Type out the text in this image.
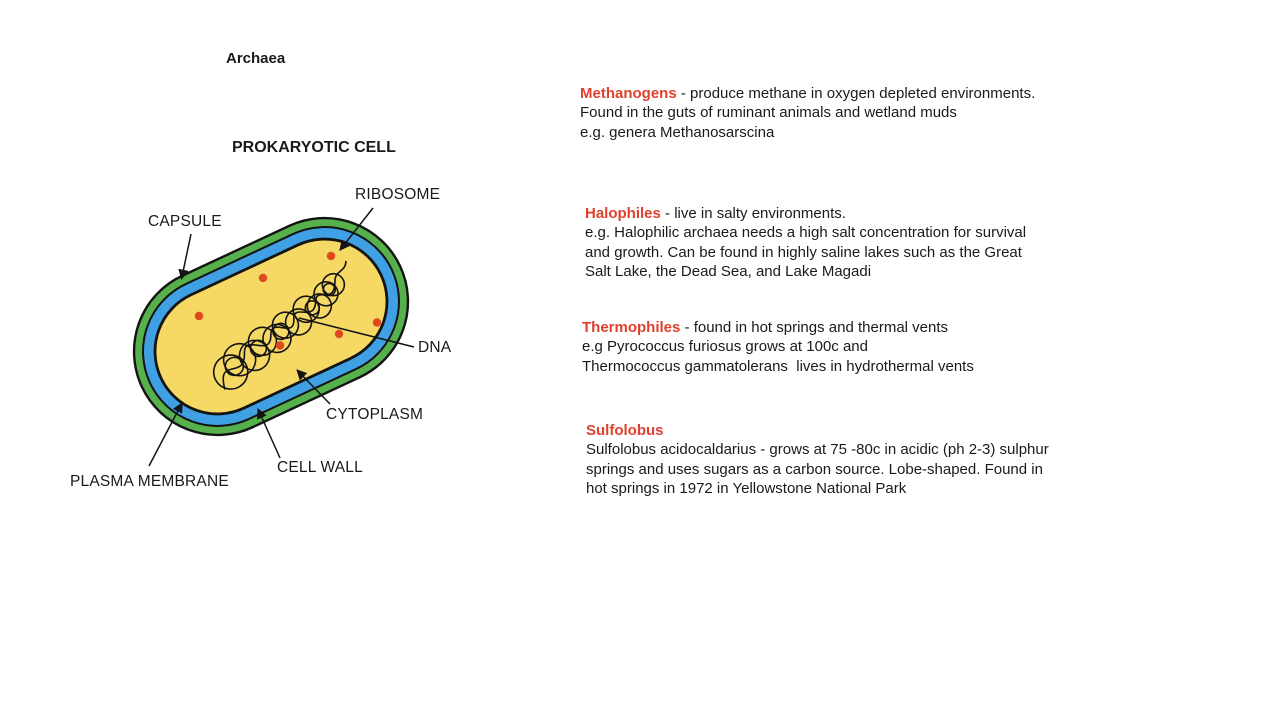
Archaea
PROKARYOTIC CELL
CAPSULE
RIBOSOME
DNA
CYTOPLASM
CELL WALL
PLASMA MEMBRANE
Methanogens - produce methane in oxygen depleted environments.
Found in the guts of ruminant animals and wetland muds
e.g. genera Methanosarscina
Halophiles - live in salty environments.
e.g. Halophilic archaea needs a high salt concentration for survival
and growth. Can be found in highly saline lakes such as the Great
Salt Lake, the Dead Sea, and Lake Magadi
Thermophiles - found in hot springs and thermal vents
e.g Pyrococcus furiosus grows at 100c and
Thermococcus gammatolerans  lives in hydrothermal vents
Sulfolobus
Sulfolobus acidocaldarius - grows at 75 -80c in acidic (ph 2-3) sulphur
springs and uses sugars as a carbon source. Lobe-shaped. Found in
hot springs in 1972 in Yellowstone National Park
